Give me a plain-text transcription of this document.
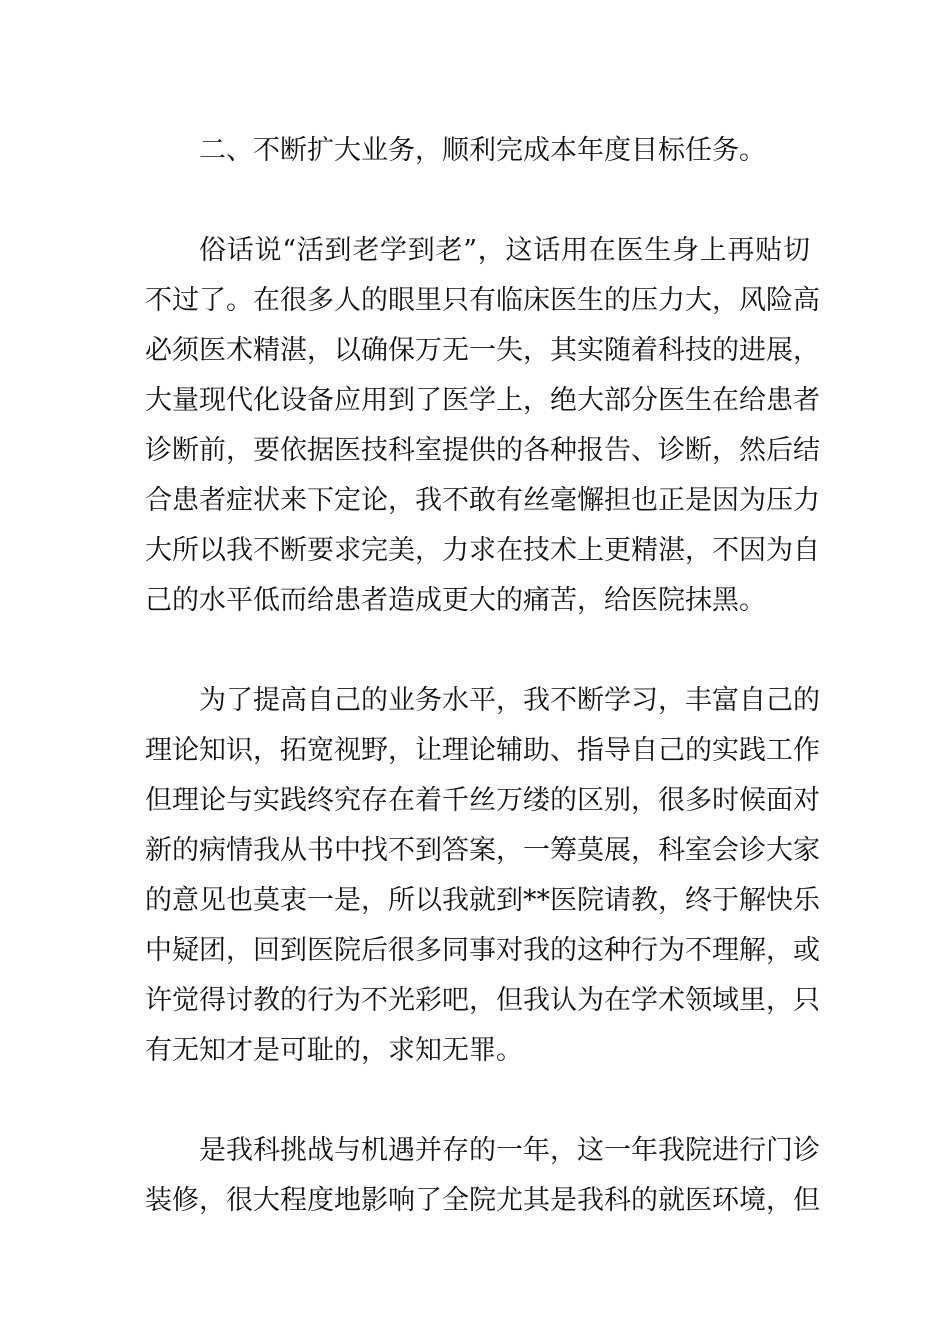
二、不断扩大业务，顺利完成本年度目标任务。
俗话说“活到老学到老”，这话用在医生身上再贴切
不过了。在很多人的眼里只有临床医生的压力大，风险高
必须医术精湛，以确保万无一失，其实随着科技的进展，
大量现代化设备应用到了医学上，绝大部分医生在给患者
诊断前，要依据医技科室提供的各种报告、诊断，然后结
合患者症状来下定论，我不敢有丝毫懈担也正是因为压力
大所以我不断要求完美，力求在技术上更精湛，不因为自
己的水平低而给患者造成更大的痛苦，给医院抹黑。
为了提高自己的业务水平，我不断学习，丰富自己的
理论知识，拓宽视野，让理论辅助、指导自己的实践工作
但理论与实践终究存在着千丝万缕的区别，很多时候面对
新的病情我从书中找不到答案，一筹莫展，科室会诊大家
的意见也莫衷一是，所以我就到**医院请教，终于解快乐
中疑团，回到医院后很多同事对我的这种行为不理解，或
许觉得讨教的行为不光彩吧，但我认为在学术领域里，只
有无知才是可耻的，求知无罪。
是我科挑战与机遇并存的一年，这一年我院进行门诊
装修，很大程度地影响了全院尤其是我科的就医环境，但
